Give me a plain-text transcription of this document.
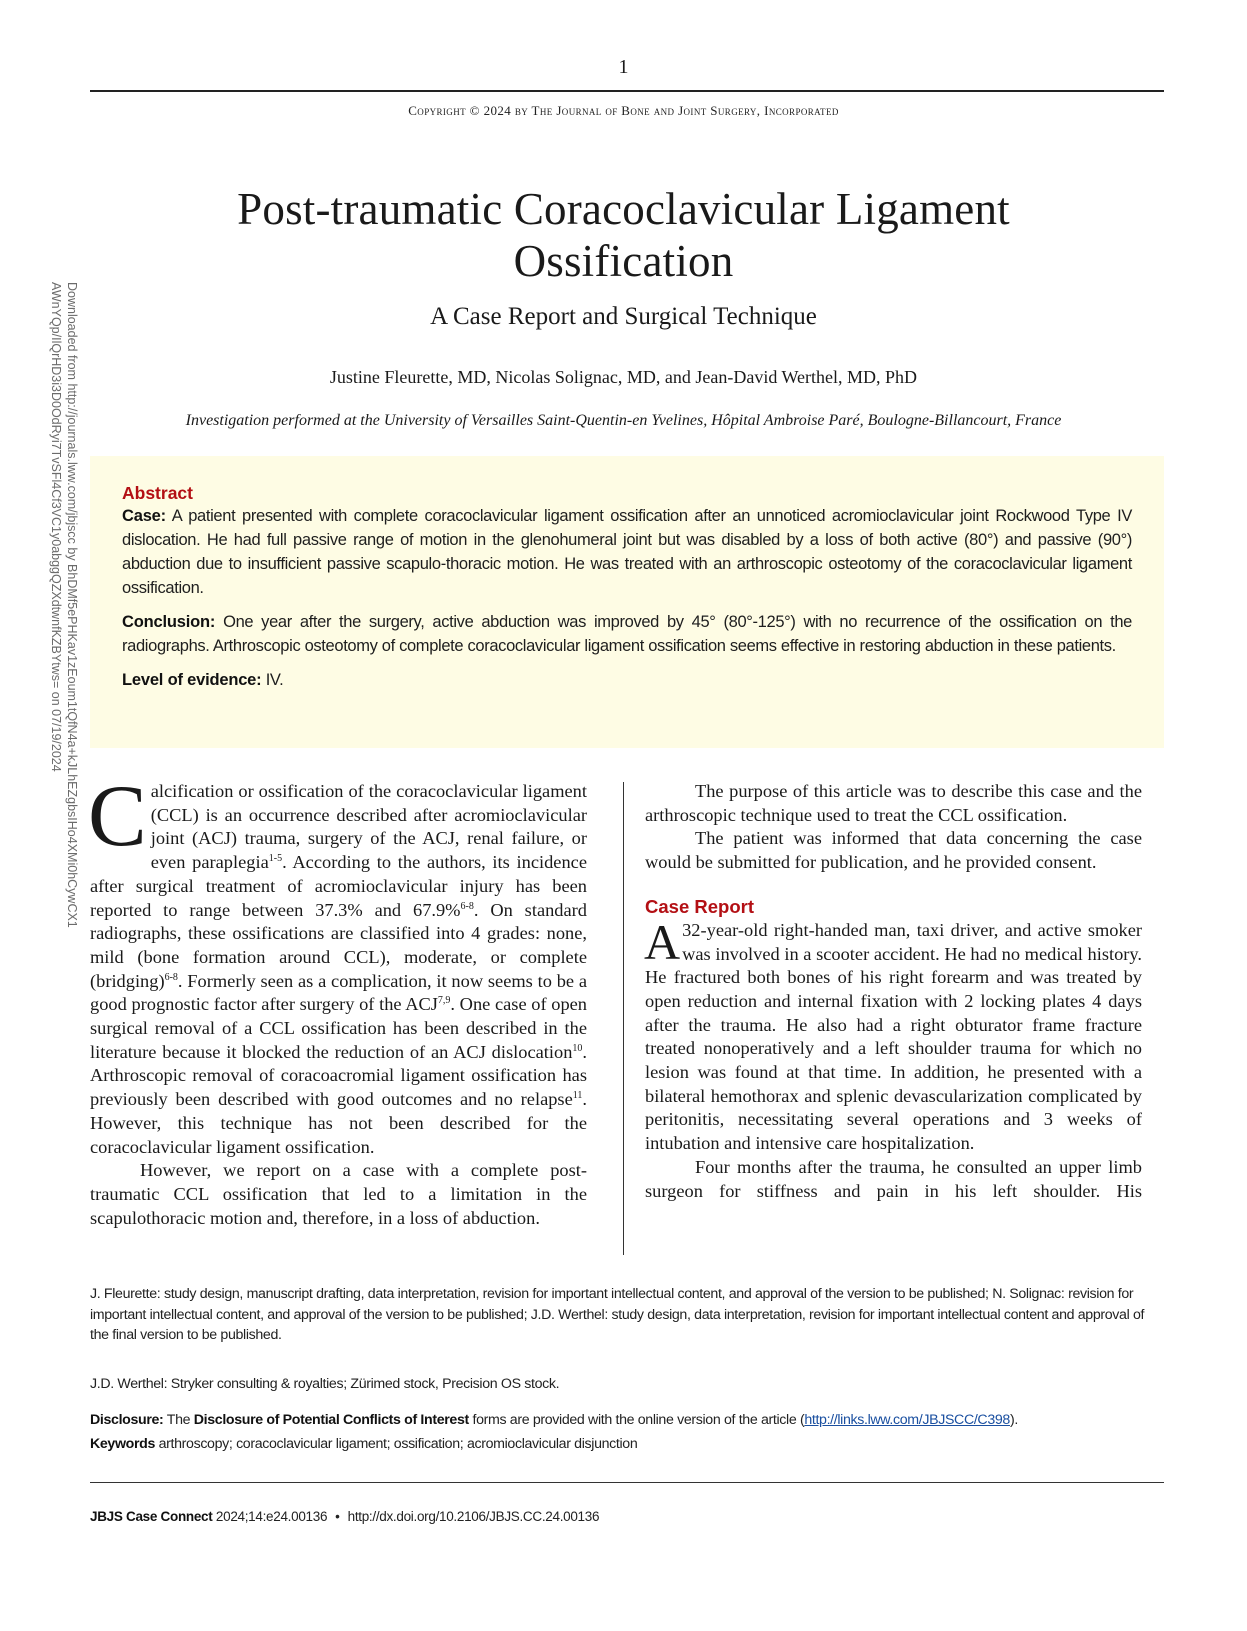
1
Copyright © 2024 by The Journal of Bone and Joint Surgery, Incorporated
Downloaded from http://journals.lww.com/jbjscc by BhDMf5ePHKav1zEoum1tQfN4a+kJLhEZgbsIHo4XMi0hCywCX1
AWnYQp/IlQrHD3i3D0OdRyi7TvSFl4Cf3VC1y0abggQZXdtwnfKZBYtws= on 07/19/2024
Post-traumatic Coracoclavicular Ligament Ossification
A Case Report and Surgical Technique
Justine Fleurette, MD, Nicolas Solignac, MD, and Jean-David Werthel, MD, PhD
Investigation performed at the University of Versailles Saint-Quentin-en Yvelines, Hôpital Ambroise Paré, Boulogne-Billancourt, France
Abstract

Case: A patient presented with complete coracoclavicular ligament ossification after an unnoticed acromioclavicular joint Rockwood Type IV dislocation. He had full passive range of motion in the glenohumeral joint but was disabled by a loss of both active (80°) and passive (90°) abduction due to insufficient passive scapulo-thoracic motion. He was treated with an arthroscopic osteotomy of the coracoclavicular ligament ossification.

Conclusion: One year after the surgery, active abduction was improved by 45° (80°-125°) with no recurrence of the ossification on the radiographs. Arthroscopic osteotomy of complete coracoclavicular ligament ossification seems effective in restoring abduction in these patients.

Level of evidence: IV.

Calcification or ossification of the coracoclavicular ligament (CCL) is an occurrence described after acromioclavicular joint (ACJ) trauma, surgery of the ACJ, renal failure, or even paraplegia$^{1-5}$. According to the authors, its incidence after surgical treatment of acromioclavicular injury has been reported to range between 37.3% and 67.9%$^{6-8}$. On standard radiographs, these ossifications are classified into 4 grades: none, mild (bone formation around CCL), moderate, or complete (bridging)$^{6-8}$. Formerly seen as a complication, it now seems to be a good prognostic factor after surgery of the ACJ$^{7,9}$. One case of open surgical removal of a CCL ossification has been described in the literature because it blocked the reduction of an ACJ dislocation$^{10}$. Arthroscopic removal of coracoacromial ligament ossification has previously been described with good outcomes and no relapse$^{11}$. However, this technique has not been described for the coracoclavicular ligament ossification.

However, we report on a case with a complete post-traumatic CCL ossification that led to a limitation in the scapulothoracic motion and, therefore, in a loss of abduction.

The purpose of this article was to describe this case and the arthroscopic technique used to treat the CCL ossification.

The patient was informed that data concerning the case would be submitted for publication, and he provided consent.

Case Report

A 32-year-old right-handed man, taxi driver, and active smoker was involved in a scooter accident. He had no medical history. He fractured both bones of his right forearm and was treated by open reduction and internal fixation with 2 locking plates 4 days after the trauma. He also had a right obturator frame fracture treated nonoperatively and a left shoulder trauma for which no lesion was found at that time. In addition, he presented with a bilateral hemothorax and splenic devascularization complicated by peritonitis, necessitating several operations and 3 weeks of intubation and intensive care hospitalization.

Four months after the trauma, he consulted an upper limb surgeon for stiffness and pain in his left shoulder. His

J. Fleurette: study design, manuscript drafting, data interpretation, revision for important intellectual content, and approval of the version to be published; N. Solignac: revision for important intellectual content, and approval of the version to be published; J.D. Werthel: study design, data interpretation, revision for important intellectual content and approval of the final version to be published.
J.D. Werthel: Stryker consulting & royalties; Zürimed stock, Precision OS stock.
Disclosure: The Disclosure of Potential Conflicts of Interest forms are provided with the online version of the article (http://links.lww.com/JBJSCC/C398).
Keywords arthroscopy; coracoclavicular ligament; ossification; acromioclavicular disjunction
JBJS Case Connect 2024;14:e24.00136 • http://dx.doi.org/10.2106/JBJS.CC.24.00136
